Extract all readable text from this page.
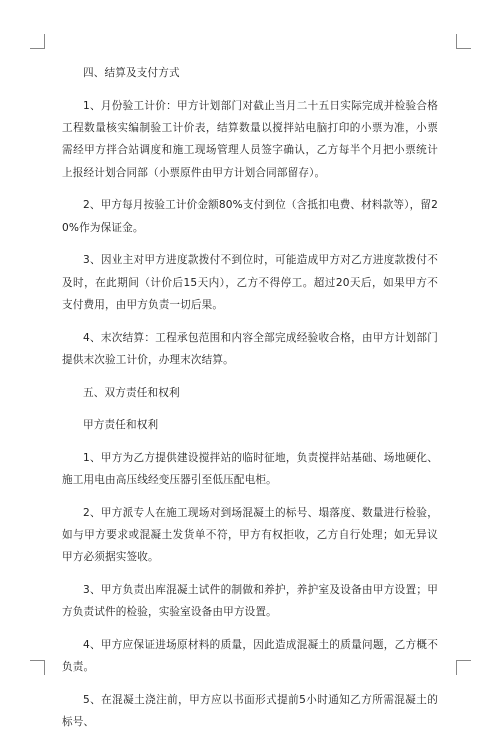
四、结算及支付方式

1、月份验工计价：甲方计划部门对截止当月二十五日实际完成并检验合格工程数量核实编制验工计价表，结算数量以搅拌站电脑打印的小票为准，小票需经甲方拌合站调度和施工现场管理人员签字确认，乙方每半个月把小票统计上报经计划合同部（小票原件由甲方计划合同部留存）。

2、甲方每月按验工计价金额80%支付到位（含抵扣电费、材料款等），留20%作为保证金。

3、因业主对甲方进度款拨付不到位时，可能造成甲方对乙方进度款拨付不及时，在此期间（计价后15天内），乙方不得停工。超过20天后，如果甲方不支付费用，由甲方负责一切后果。

4、末次结算：工程承包范围和内容全部完成经验收合格，由甲方计划部门提供末次验工计价，办理末次结算。

五、双方责任和权利

甲方责任和权利

1、甲方为乙方提供建设搅拌站的临时征地，负责搅拌站基础、场地硬化、施工用电由高压线经变压器引至低压配电柜。

2、甲方派专人在施工现场对到场混凝土的标号、塌落度、数量进行检验，如与甲方要求或混凝土发货单不符，甲方有权拒收，乙方自行处理；如无异议甲方必须据实签收。

3、甲方负责出库混凝土试件的制做和养护，养护室及设备由甲方设置；甲方负责试件的检验，实验室设备由甲方设置。

4、甲方应保证进场原材料的质量，因此造成混凝土的质量问题，乙方概不负责。

5、在混凝土浇注前，甲方应以书面形式提前5小时通知乙方所需混凝土的标号、
